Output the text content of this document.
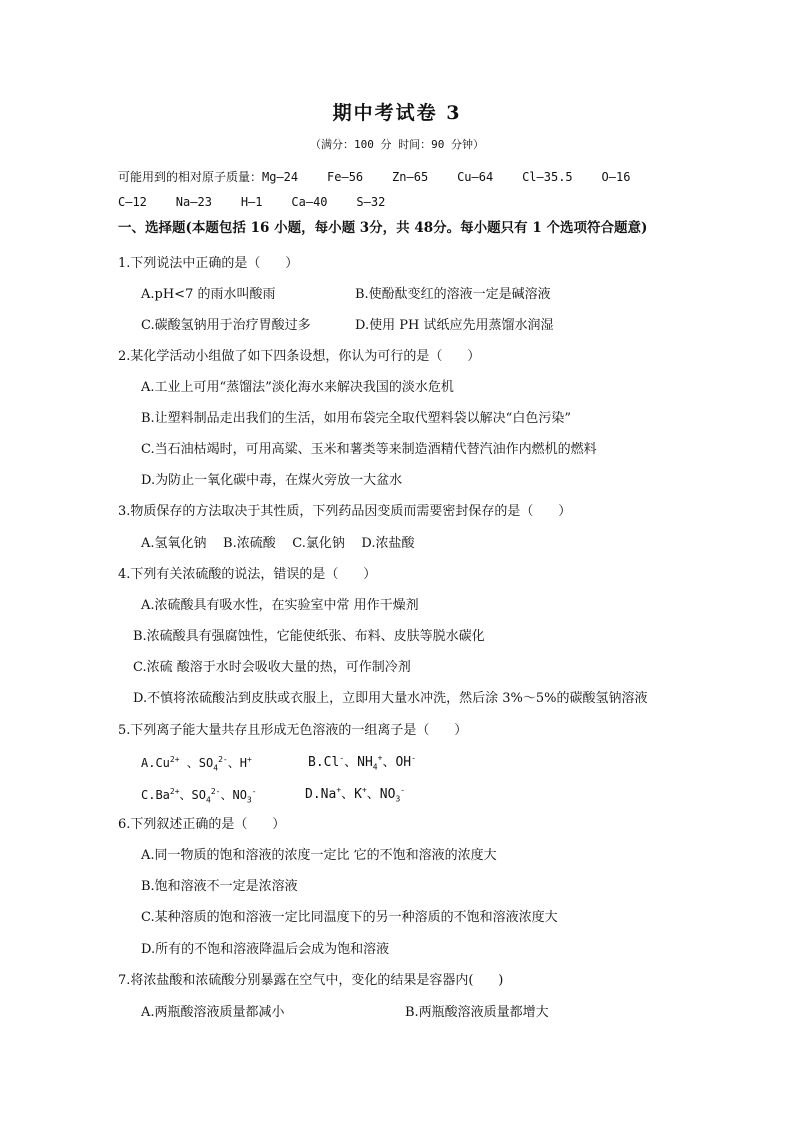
期中考试卷 3
（满分：100 分 时间：90 分钟）
可能用到的相对原子质量：Mg—24    Fe—56    Zn—65    Cu—64    Cl—35.5    O—16
C—12    Na—23    H—1    Ca—40    S—32
一、选择题(本题包括 16 小题，每小题 3分，共 48分。每小题只有 1 个选项符合题意)
1.下列说法中正确的是（      ）
A.pH<7 的雨水叫酸雨	B.使酚酞变红的溶液一定是碱溶液
C.碳酸氢钠用于治疗胃酸过多	D.使用 PH 试纸应先用蒸馏水润湿
2.某化学活动小组做了如下四条设想，你认为可行的是（      ）
A.工业上可用“蒸馏法”淡化海水来解决我国的淡水危机
B.让塑料制品走出我们的生活，如用布袋完全取代塑料袋以解决“白色污染”
C.当石油枯竭时，可用高粱、玉米和薯类等来制造酒精代替汽油作内燃机的燃料
D.为防止一氧化碳中毒，在煤火旁放一大盆水
3.物质保存的方法取决于其性质，下列药品因变质而需要密封保存的是（      ）
A.氢氧化钠    B.浓硫酸    C.氯化钠    D.浓盐酸
4.下列有关浓硫酸的说法，错误的是（      ）
A.浓硫酸具有吸水性，在实验室中常 用作干燥剂
B.浓硫酸具有强腐蚀性，它能使纸张、布料、皮肤等脱水碳化
C.浓硫 酸溶于水时会吸收大量的热，可作制冷剂
D.不慎将浓硫酸沾到皮肤或衣服上，立即用大量水冲洗，然后涂 3%～5%的碳酸氢钠溶液
5.下列离子能大量共存且形成无色溶液的一组离子是（      ）
$A.Cu^{2+}$ 、$SO_4^{2-}$、H+	B.Cl-、$NH_4^+$、OH-
$C.Ba^{2+}$、$SO_4^{2-}$、$NO_3^-$	D.Na+、K+、$NO_3^-$
6.下列叙述正确的是（      ）
A.同一物质的饱和溶液的浓度一定比 它的不饱和溶液的浓度大
B.饱和溶液不一定是浓溶液
C.某种溶质的饱和溶液一定比同温度下的另一种溶质的不饱和溶液浓度大
D.所有的不饱和溶液降温后会成为饱和溶液
7.将浓盐酸和浓硫酸分别暴露在空气中，变化的结果是容器内(      )
A.两瓶酸溶液质量都减小	B.两瓶酸溶液质量都增大
